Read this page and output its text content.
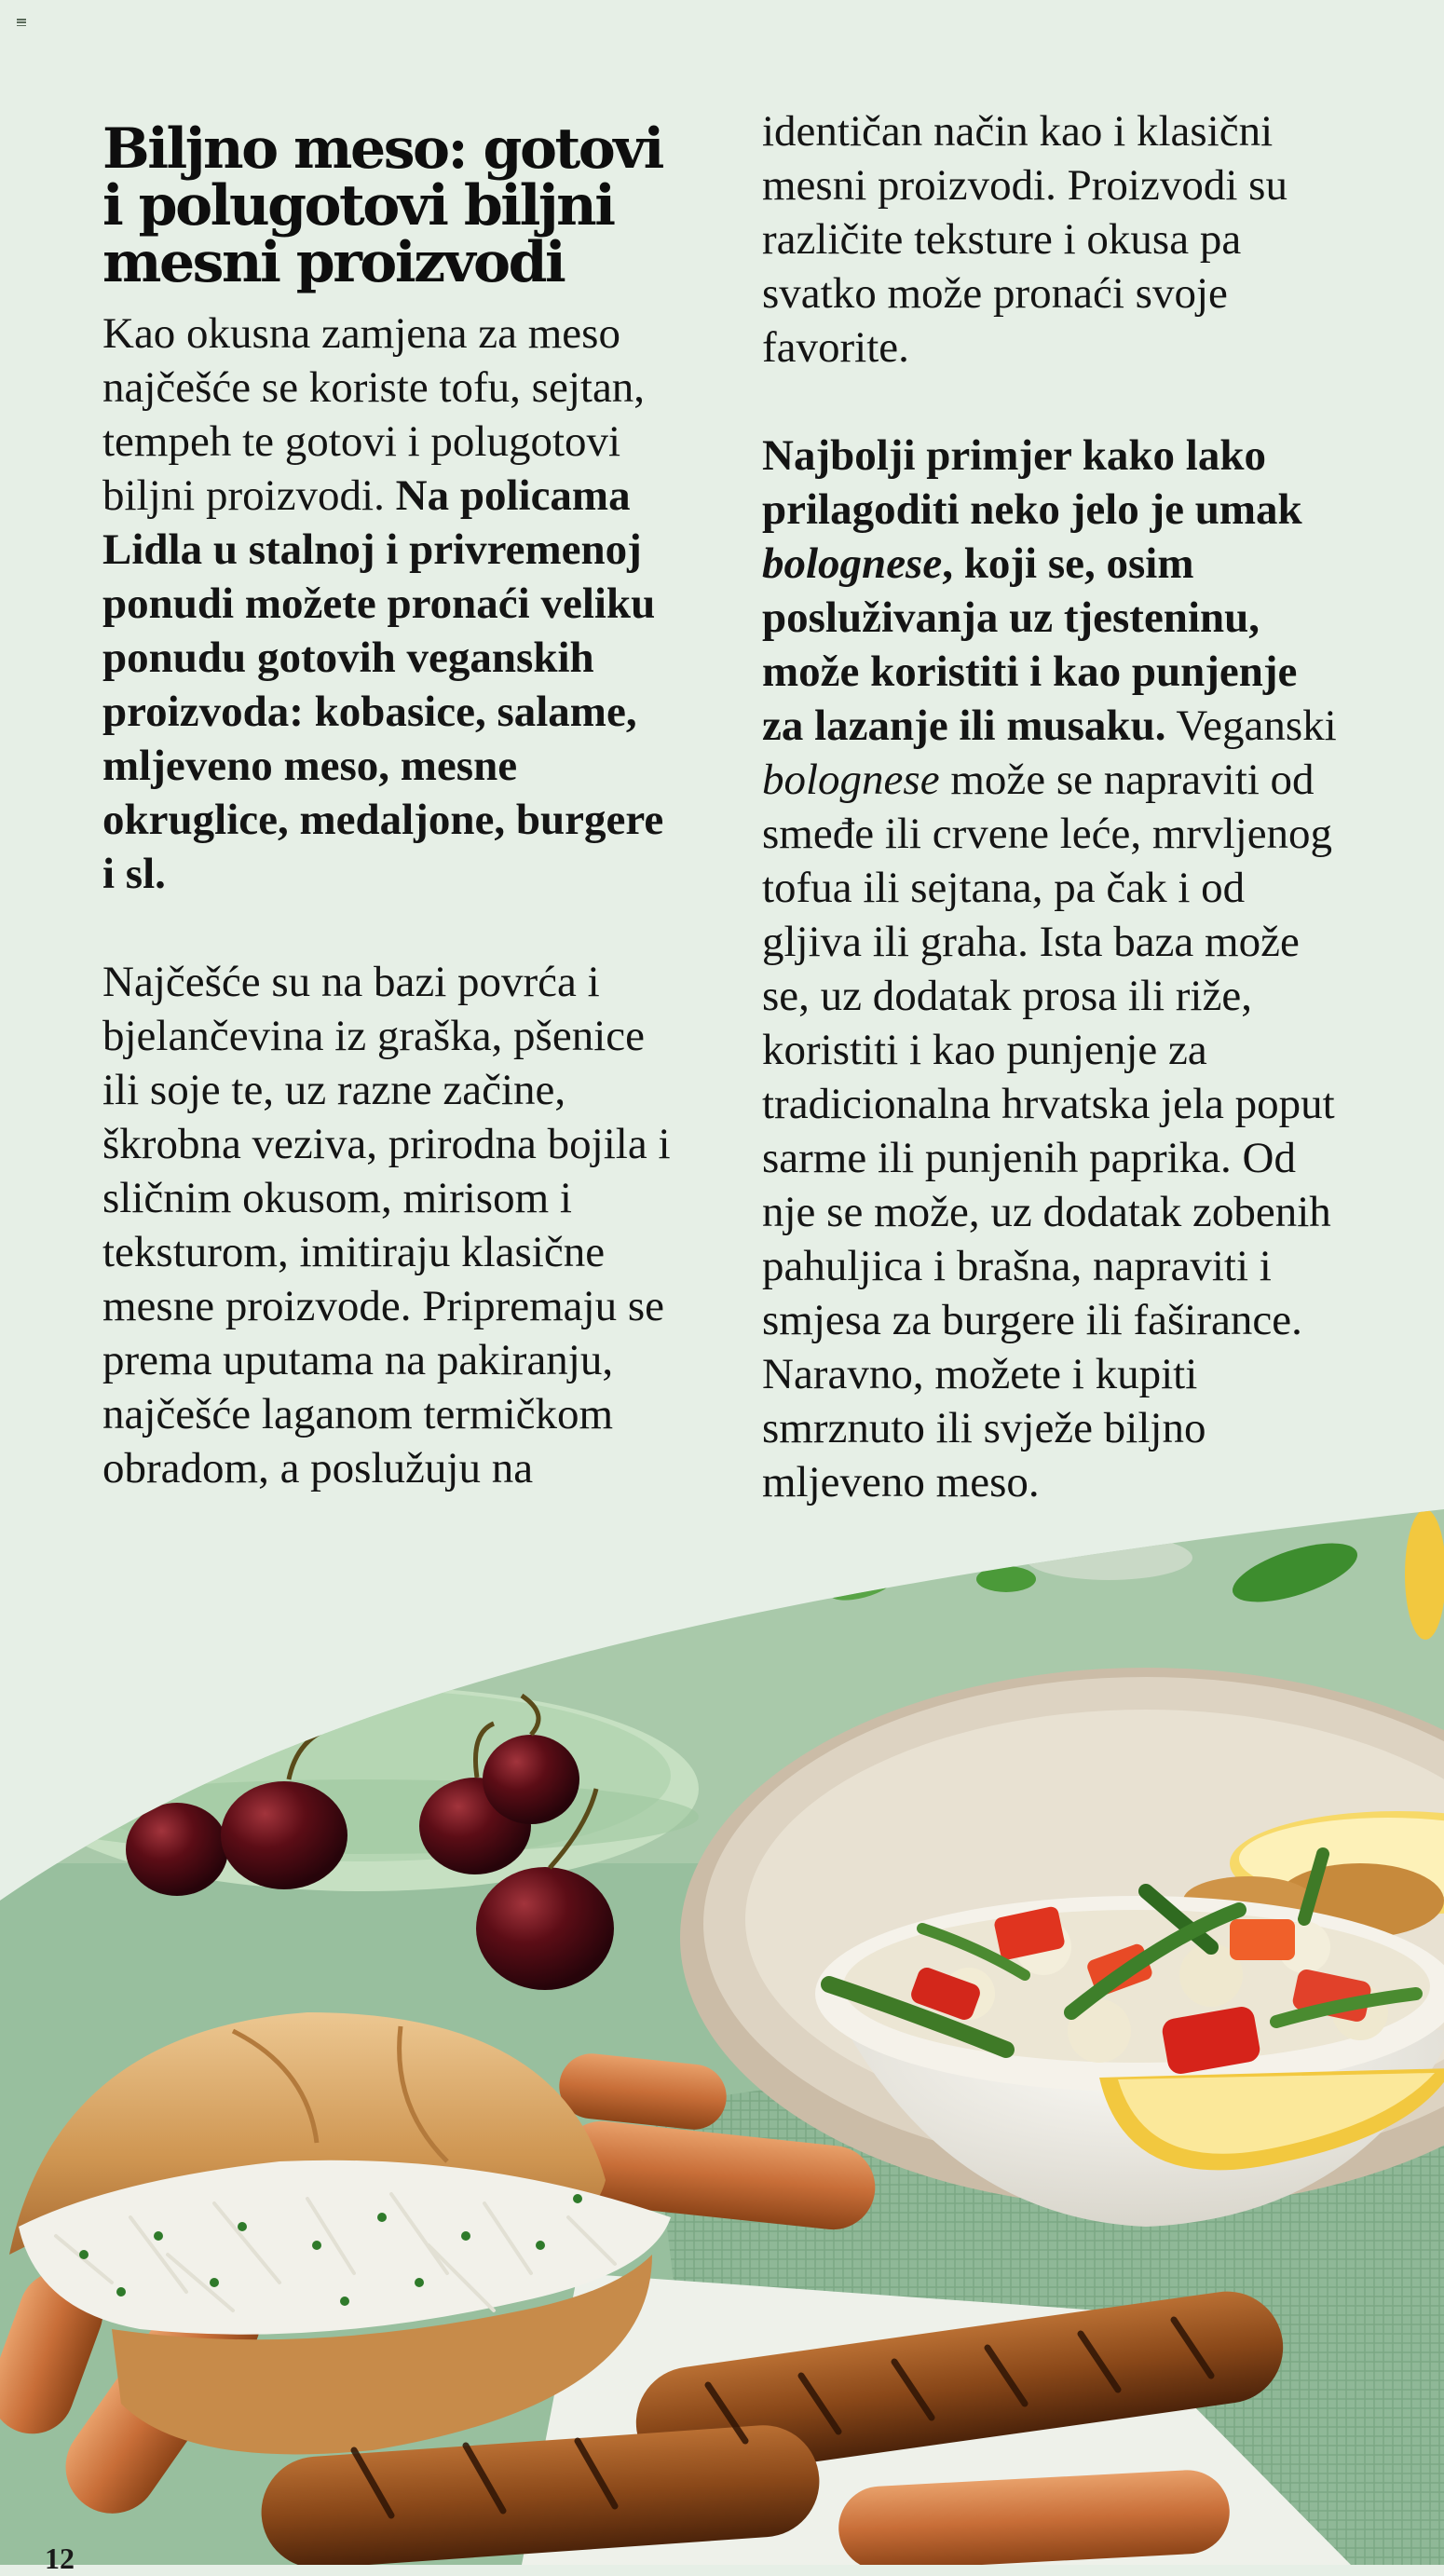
Biljno meso: gotovi i polugotovi biljni mesni proizvodi

Kao okusna zamjena za meso najčešće se koriste tofu, sejtan, tempeh te gotovi i polugotovi biljni proizvodi. Na policama Lidla u stalnoj i privremenoj ponudi možete pronaći veliku ponudu gotovih veganskih proizvoda: kobasice, salame, mljeveno meso, mesne okruglice, medaljone, burgere i sl.

Najčešće su na bazi povrća i bjelančevina iz graška, pšenice ili soje te, uz razne začine, škrobna veziva, prirodna bojila i sličnim okusom, mirisom i teksturom, imitiraju klasične mesne proizvode. Pripremaju se prema uputama na pakiranju, najčešće laganom termičkom obradom, a poslužuju na

identičan način kao i klasični mesni proizvodi. Proizvodi su različite teksture i okusa pa svatko može pronaći svoje favorite.

Najbolji primjer kako lako prilagoditi neko jelo je umak bolognese, koji se, osim posluživanja uz tjesteninu, može koristiti i kao punjenje za lazanje ili musaku. Veganski bolognese može se napraviti od smeđe ili crvene leće, mrvljenog tofua ili sejtana, pa čak i od gljiva ili graha. Ista baza može se, uz dodatak prosa ili riže, koristiti i kao punjenje za tradicionalna hrvatska jela poput sarme ili punjenih paprika. Od nje se može, uz dodatak zobenih pahuljica i brašna, napraviti i smjesa za burgere ili faširance. Naravno, možete i kupiti smrznuto ili svježe biljno mljeveno meso.

12
